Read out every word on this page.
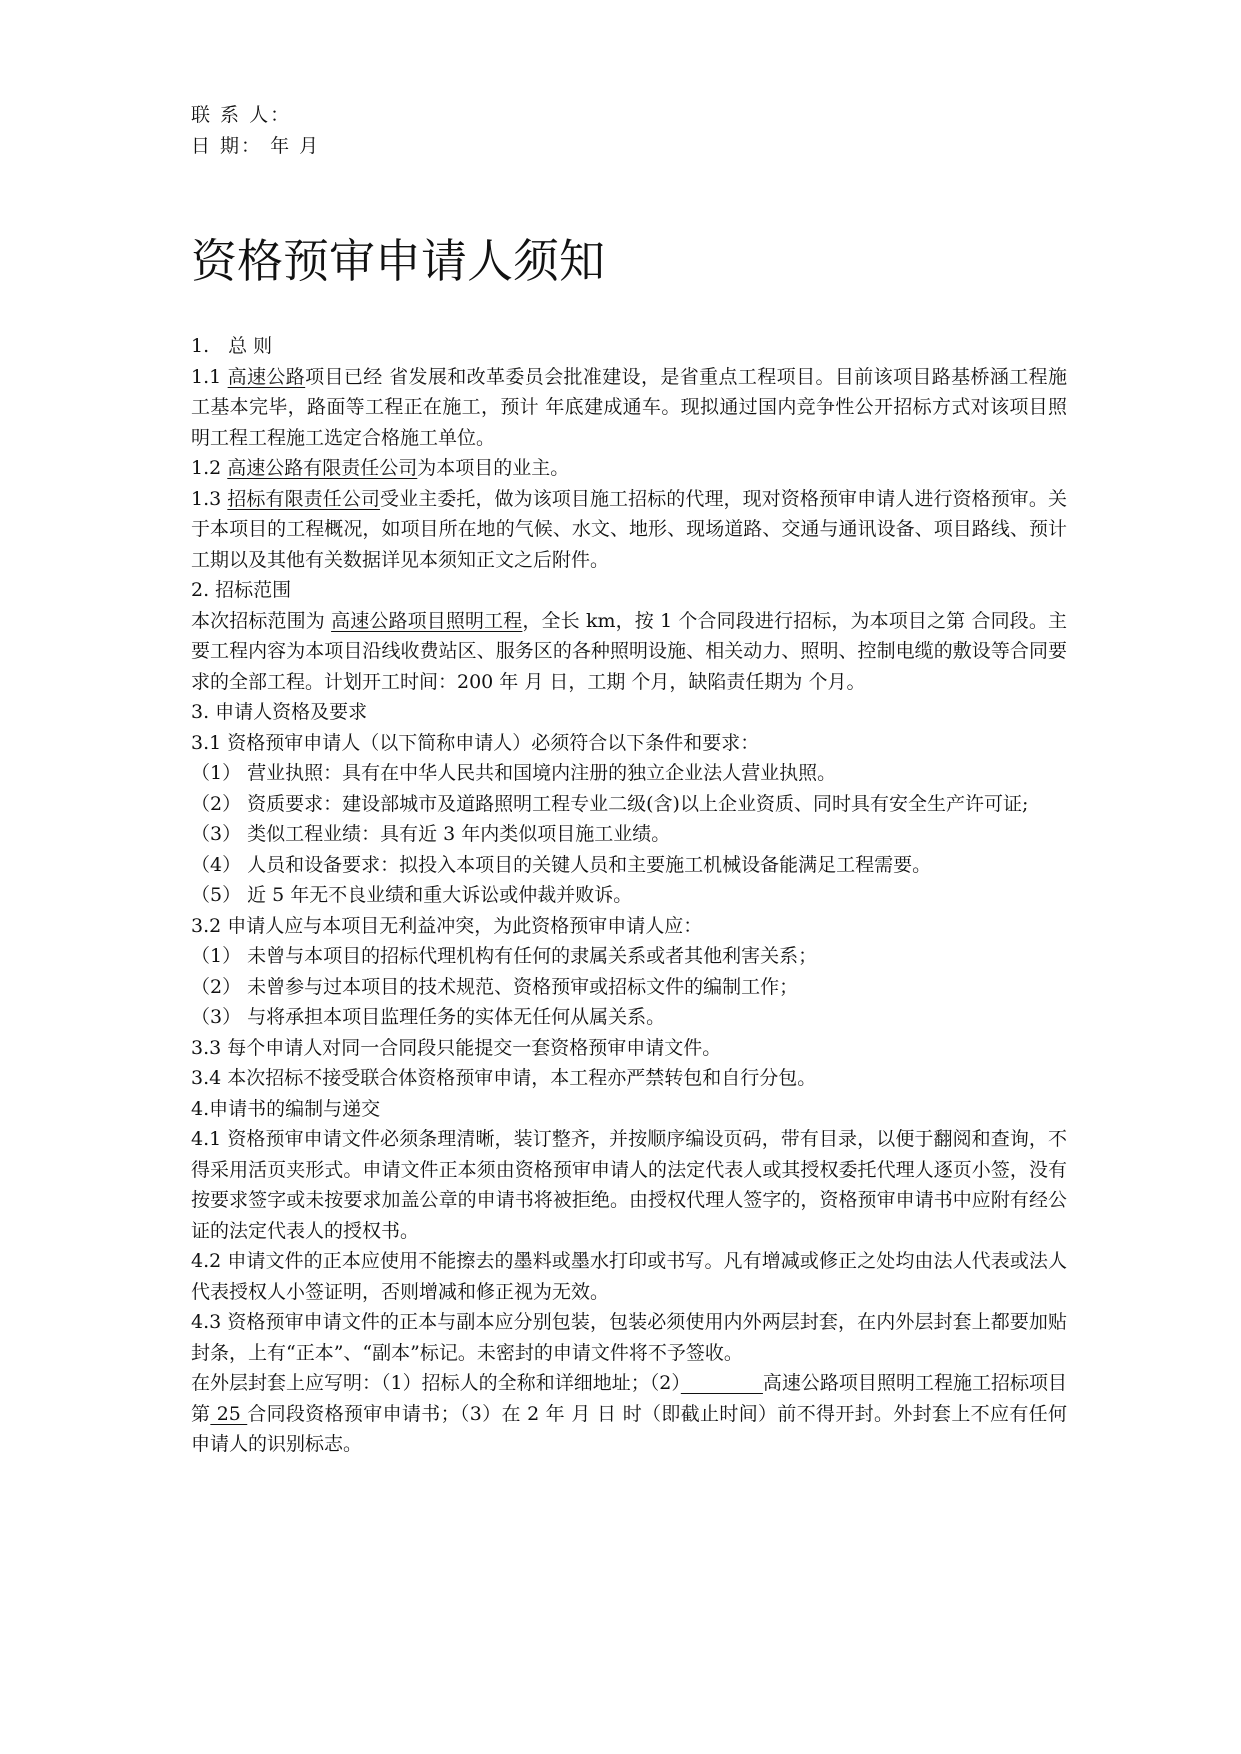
联 系 人：

日 期： 年 月

资格预审申请人须知

1.　总 则

1.1 高速公路项目已经 省发展和改革委员会批准建设，是省重点工程项目。目前该项目路基桥涵工程施工基本完毕，路面等工程正在施工，预计 年底建成通车。现拟通过国内竞争性公开招标方式对该项目照明工程工程施工选定合格施工单位。

1.2 高速公路有限责任公司为本项目的业主。

1.3 招标有限责任公司受业主委托，做为该项目施工招标的代理，现对资格预审申请人进行资格预审。关于本项目的工程概况，如项目所在地的气候、水文、地形、现场道路、交通与通讯设备、项目路线、预计工期以及其他有关数据详见本须知正文之后附件。

2. 招标范围

本次招标范围为 高速公路项目照明工程，全长 km，按 1 个合同段进行招标，为本项目之第 合同段。主要工程内容为本项目沿线收费站区、服务区的各种照明设施、相关动力、照明、控制电缆的敷设等合同要求的全部工程。计划开工时间：200 年 月 日，工期 个月，缺陷责任期为 个月。

3. 申请人资格及要求

3.1 资格预审申请人（以下简称申请人）必须符合以下条件和要求：

（1） 营业执照：具有在中华人民共和国境内注册的独立企业法人营业执照。

（2） 资质要求：建设部城市及道路照明工程专业二级(含)以上企业资质、同时具有安全生产许可证;

（3） 类似工程业绩：具有近 3 年内类似项目施工业绩。

（4） 人员和设备要求：拟投入本项目的关键人员和主要施工机械设备能满足工程需要。

（5） 近 5 年无不良业绩和重大诉讼或仲裁并败诉。

3.2 申请人应与本项目无利益冲突，为此资格预审申请人应：

（1） 未曾与本项目的招标代理机构有任何的隶属关系或者其他利害关系；

（2） 未曾参与过本项目的技术规范、资格预审或招标文件的编制工作；

（3） 与将承担本项目监理任务的实体无任何从属关系。

3.3 每个申请人对同一合同段只能提交一套资格预审申请文件。

3.4 本次招标不接受联合体资格预审申请，本工程亦严禁转包和自行分包。

4.申请书的编制与递交

4.1 资格预审申请文件必须条理清晰，装订整齐，并按顺序编设页码，带有目录，以便于翻阅和查询，不得采用活页夹形式。申请文件正本须由资格预审申请人的法定代表人或其授权委托代理人逐页小签，没有按要求签字或未按要求加盖公章的申请书将被拒绝。由授权代理人签字的，资格预审申请书中应附有经公证的法定代表人的授权书。

4.2 申请文件的正本应使用不能擦去的墨料或墨水打印或书写。凡有增减或修正之处均由法人代表或法人代表授权人小签证明，否则增减和修正视为无效。

4.3 资格预审申请文件的正本与副本应分别包装，包装必须使用内外两层封套，在内外层封套上都要加贴封条，上有“正本”、“副本”标记。未密封的申请文件将不予签收。

在外层封套上应写明：（1）招标人的全称和详细地址；（2）　　　　	高速公路项目照明工程施工招标项目第 25 合同段资格预审申请书；（3）在 2 年 月 日 时（即截止时间）前不得开封。外封套上不应有任何申请人的识别标志。
